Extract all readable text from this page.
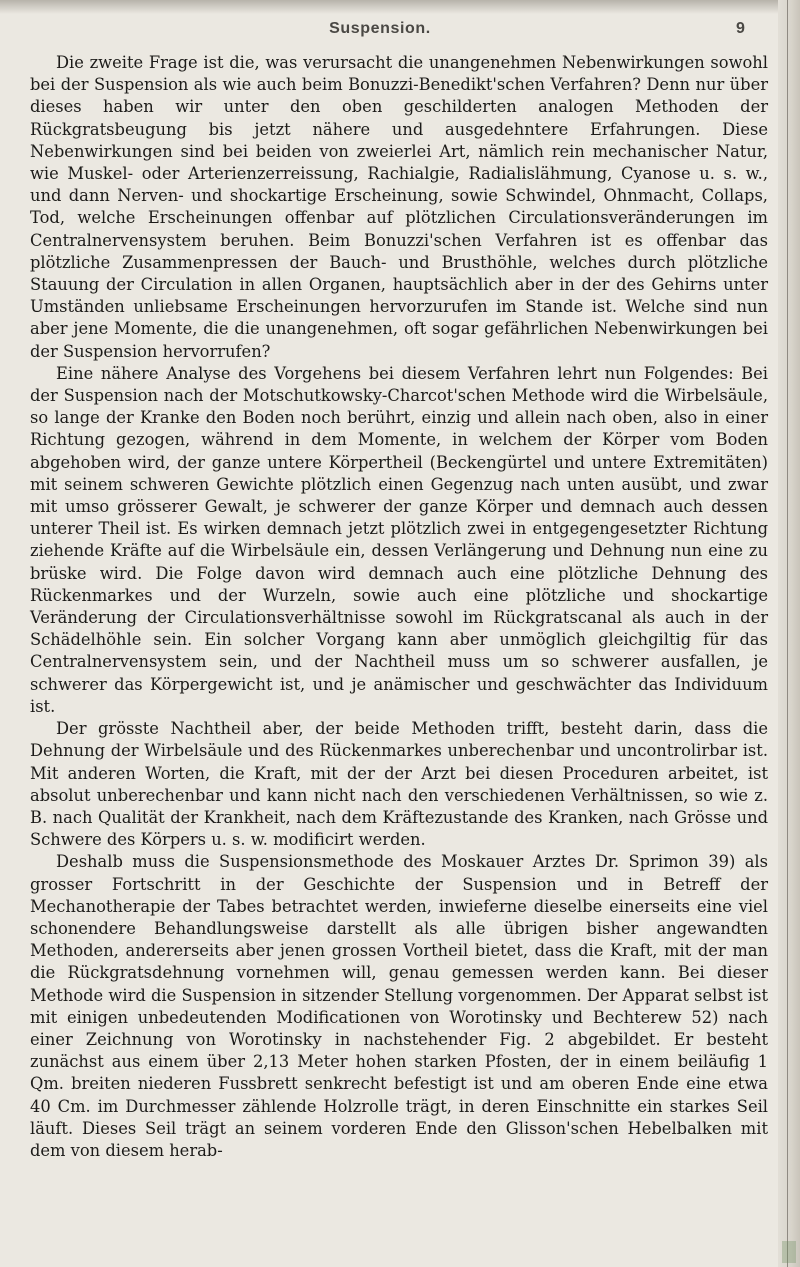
Suspension.	9

Die zweite Frage ist die, was verursacht die unangenehmen Nebenwirkungen sowohl bei der Suspension als wie auch beim Bonuzzi-Benedikt'schen Verfahren? Denn nur über dieses haben wir unter den oben geschilderten analogen Methoden der Rückgratsbeugung bis jetzt nähere und ausgedehntere Erfahrungen. Diese Nebenwirkungen sind bei beiden von zweierlei Art, nämlich rein mechanischer Natur, wie Muskel- oder Arterienzerreissung, Rachialgie, Radialislähmung, Cyanose u. s. w., und dann Nerven- und shockartige Erscheinung, sowie Schwindel, Ohnmacht, Collaps, Tod, welche Erscheinungen offenbar auf plötzlichen Circulationsveränderungen im Centralnervensystem beruhen. Beim Bonuzzi'schen Verfahren ist es offenbar das plötzliche Zusammenpressen der Bauch- und Brusthöhle, welches durch plötzliche Stauung der Circulation in allen Organen, hauptsächlich aber in der des Gehirns unter Umständen unliebsame Erscheinungen hervorzurufen im Stande ist. Welche sind nun aber jene Momente, die die unangenehmen, oft sogar gefährlichen Nebenwirkungen bei der Suspension hervorrufen?

Eine nähere Analyse des Vorgehens bei diesem Verfahren lehrt nun Folgendes: Bei der Suspension nach der Motschutkowsky-Charcot'schen Methode wird die Wirbelsäule, so lange der Kranke den Boden noch berührt, einzig und allein nach oben, also in einer Richtung gezogen, während in dem Momente, in welchem der Körper vom Boden abgehoben wird, der ganze untere Körpertheil (Beckengürtel und untere Extremitäten) mit seinem schweren Gewichte plötzlich einen Gegenzug nach unten ausübt, und zwar mit umso grösserer Gewalt, je schwerer der ganze Körper und demnach auch dessen unterer Theil ist. Es wirken demnach jetzt plötzlich zwei in entgegengesetzter Richtung ziehende Kräfte auf die Wirbelsäule ein, dessen Verlängerung und Dehnung nun eine zu brüske wird. Die Folge davon wird demnach auch eine plötzliche Dehnung des Rückenmarkes und der Wurzeln, sowie auch eine plötzliche und shockartige Veränderung der Circulationsverhältnisse sowohl im Rückgratscanal als auch in der Schädelhöhle sein. Ein solcher Vorgang kann aber unmöglich gleichgiltig für das Centralnervensystem sein, und der Nachtheil muss um so schwerer ausfallen, je schwerer das Körpergewicht ist, und je anämischer und geschwächter das Individuum ist.

Der grösste Nachtheil aber, der beide Methoden trifft, besteht darin, dass die Dehnung der Wirbelsäule und des Rückenmarkes unberechenbar und uncontrolirbar ist. Mit anderen Worten, die Kraft, mit der der Arzt bei diesen Proceduren arbeitet, ist absolut unberechenbar und kann nicht nach den verschiedenen Verhältnissen, so wie z. B. nach Qualität der Krankheit, nach dem Kräftezustande des Kranken, nach Grösse und Schwere des Körpers u. s. w. modificirt werden.

Deshalb muss die Suspensionsmethode des Moskauer Arztes Dr. Sprimon 39) als grosser Fortschritt in der Geschichte der Suspension und in Betreff der Mechanotherapie der Tabes betrachtet werden, inwieferne dieselbe einerseits eine viel schonendere Behandlungsweise darstellt als alle übrigen bisher angewandten Methoden, andererseits aber jenen grossen Vortheil bietet, dass die Kraft, mit der man die Rückgratsdehnung vornehmen will, genau gemessen werden kann. Bei dieser Methode wird die Suspension in sitzender Stellung vorgenommen. Der Apparat selbst ist mit einigen unbedeutenden Modificationen von Worotinsky und Bechterew 52) nach einer Zeichnung von Worotinsky in nachstehender Fig. 2 abgebildet. Er besteht zunächst aus einem über 2,13 Meter hohen starken Pfosten, der in einem beiläufig 1 Qm. breiten niederen Fussbrett senkrecht befestigt ist und am oberen Ende eine etwa 40 Cm. im Durchmesser zählende Holzrolle trägt, in deren Einschnitte ein starkes Seil läuft. Dieses Seil trägt an seinem vorderen Ende den Glisson'schen Hebelbalken mit dem von diesem herab-
